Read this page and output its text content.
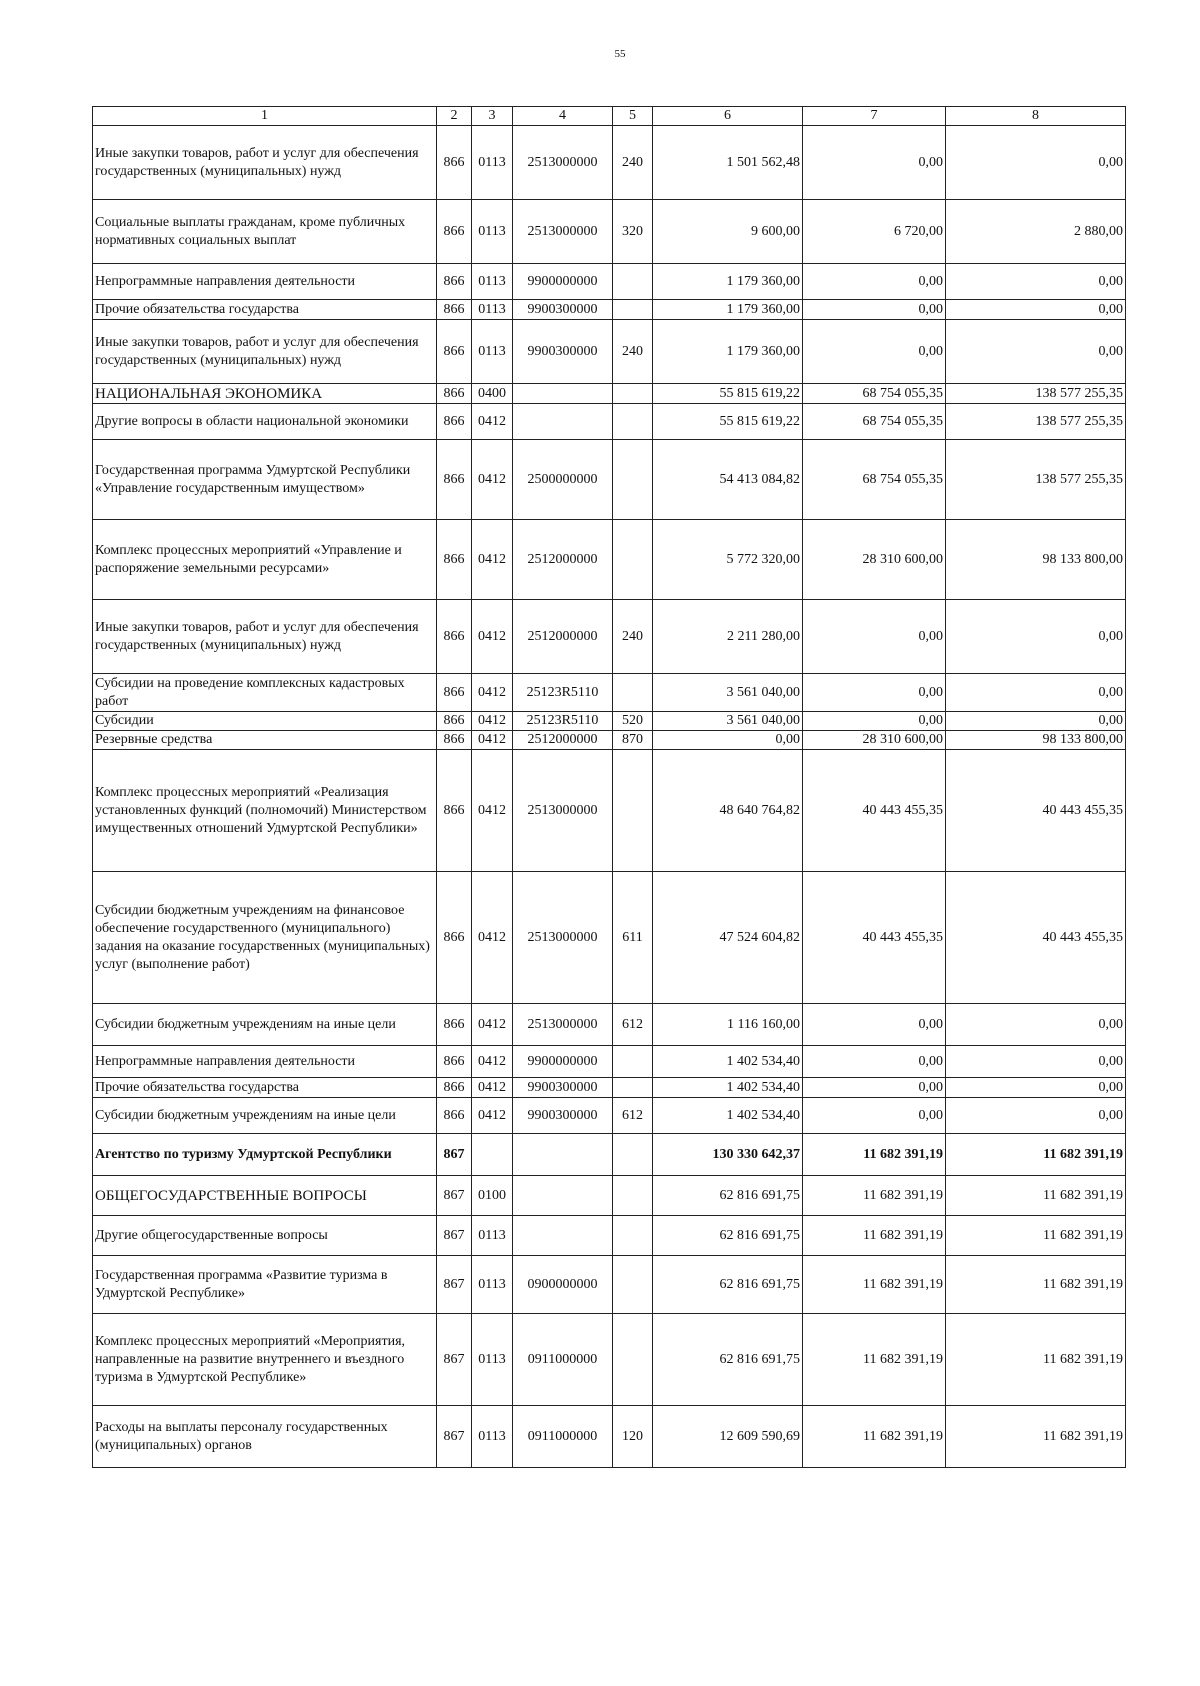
55
1	2	3	4	5	6	7	8
Иные закупки товаров, работ и услуг для обеспечения государственных (муниципальных) нужд	866	0113	2513000000	240	1 501 562,48	0,00	0,00
Социальные выплаты гражданам, кроме публичных нормативных социальных выплат	866	0113	2513000000	320	9 600,00	6 720,00	2 880,00
Непрограммные направления деятельности	866	0113	9900000000		1 179 360,00	0,00	0,00
Прочие обязательства государства	866	0113	9900300000		1 179 360,00	0,00	0,00
Иные закупки товаров, работ и услуг для обеспечения государственных (муниципальных) нужд	866	0113	9900300000	240	1 179 360,00	0,00	0,00
НАЦИОНАЛЬНАЯ ЭКОНОМИКА	866	0400			55 815 619,22	68 754 055,35	138 577 255,35
Другие вопросы в области национальной экономики	866	0412			55 815 619,22	68 754 055,35	138 577 255,35
Государственная программа Удмуртской Республики «Управление государственным имуществом»	866	0412	2500000000		54 413 084,82	68 754 055,35	138 577 255,35
Комплекс процессных мероприятий «Управление и распоряжение земельными ресурсами»	866	0412	2512000000		5 772 320,00	28 310 600,00	98 133 800,00
Иные закупки товаров, работ и услуг для обеспечения государственных (муниципальных) нужд	866	0412	2512000000	240	2 211 280,00	0,00	0,00
Субсидии на проведение комплексных кадастровых работ	866	0412	25123R5110		3 561 040,00	0,00	0,00
Субсидии	866	0412	25123R5110	520	3 561 040,00	0,00	0,00
Резервные средства	866	0412	2512000000	870	0,00	28 310 600,00	98 133 800,00
Комплекс процессных мероприятий «Реализация установленных функций (полномочий) Министерством имущественных отношений Удмуртской Республики»	866	0412	2513000000		48 640 764,82	40 443 455,35	40 443 455,35
Субсидии бюджетным учреждениям на финансовое обеспечение государственного (муниципального) задания на оказание государственных (муниципальных) услуг (выполнение работ)	866	0412	2513000000	611	47 524 604,82	40 443 455,35	40 443 455,35
Субсидии бюджетным учреждениям на иные цели	866	0412	2513000000	612	1 116 160,00	0,00	0,00
Непрограммные направления деятельности	866	0412	9900000000		1 402 534,40	0,00	0,00
Прочие обязательства государства	866	0412	9900300000		1 402 534,40	0,00	0,00
Субсидии бюджетным учреждениям на иные цели	866	0412	9900300000	612	1 402 534,40	0,00	0,00
Агентство по туризму Удмуртской Республики	867				130 330 642,37	11 682 391,19	11 682 391,19
ОБЩЕГОСУДАРСТВЕННЫЕ ВОПРОСЫ	867	0100			62 816 691,75	11 682 391,19	11 682 391,19
Другие общегосударственные вопросы	867	0113			62 816 691,75	11 682 391,19	11 682 391,19
Государственная программа «Развитие туризма в Удмуртской Республике»	867	0113	0900000000		62 816 691,75	11 682 391,19	11 682 391,19
Комплекс процессных мероприятий «Мероприятия, направленные на развитие внутреннего и въездного туризма в Удмуртской Республике»	867	0113	0911000000		62 816 691,75	11 682 391,19	11 682 391,19
Расходы на выплаты персоналу государственных (муниципальных) органов	867	0113	0911000000	120	12 609 590,69	11 682 391,19	11 682 391,19
